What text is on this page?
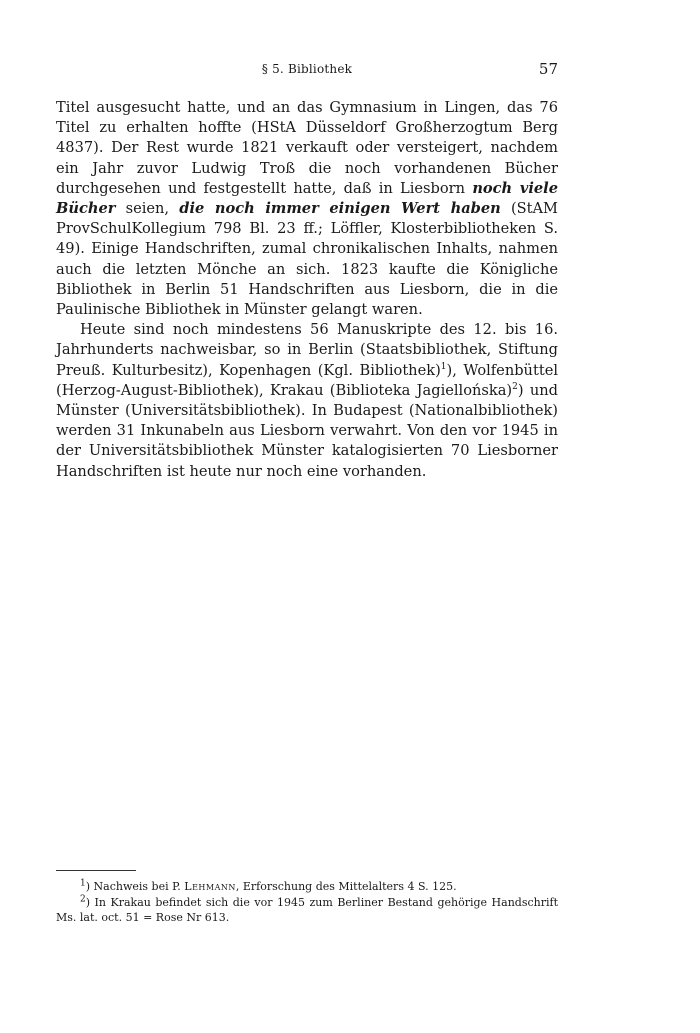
§ 5. Bibliothek	57

Titel ausgesucht hatte, und an das Gymnasium in Lingen, das 76 Titel zu erhalten hoffte (HStA Düsseldorf Großherzogtum Berg 4837). Der Rest wurde 1821 verkauft oder versteigert, nachdem ein Jahr zuvor Ludwig Troß die noch vorhandenen Bücher durchgesehen und festgestellt hatte, daß in Liesborn noch viele Bücher seien, die noch immer einigen Wert haben (StAM ProvSchulKollegium 798 Bl. 23 ff.; Löffler, Klosterbibliotheken S. 49). Einige Handschriften, zumal chronikalischen Inhalts, nahmen auch die letzten Mönche an sich. 1823 kaufte die Königliche Bibliothek in Berlin 51 Handschriften aus Liesborn, die in die Paulinische Bibliothek in Münster gelangt waren.

Heute sind noch mindestens 56 Manuskripte des 12. bis 16. Jahrhunderts nachweisbar, so in Berlin (Staatsbibliothek, Stiftung Preuß. Kulturbesitz), Kopenhagen (Kgl. Bibliothek)$^1$), Wolfenbüttel (Herzog-August-Bibliothek), Krakau (Biblioteka Jagiellońska)$^2$) und Münster (Universitätsbibliothek). In Budapest (Nationalbibliothek) werden 31 Inkunabeln aus Liesborn verwahrt. Von den vor 1945 in der Universitätsbibliothek Münster katalogisierten 70 Liesborner Handschriften ist heute nur noch eine vorhanden.

$^1$) Nachweis bei P. Lehmann, Erforschung des Mittelalters 4 S. 125.

$^2$) In Krakau befindet sich die vor 1945 zum Berliner Bestand gehörige Handschrift Ms. lat. oct. 51 = Rose Nr 613.
